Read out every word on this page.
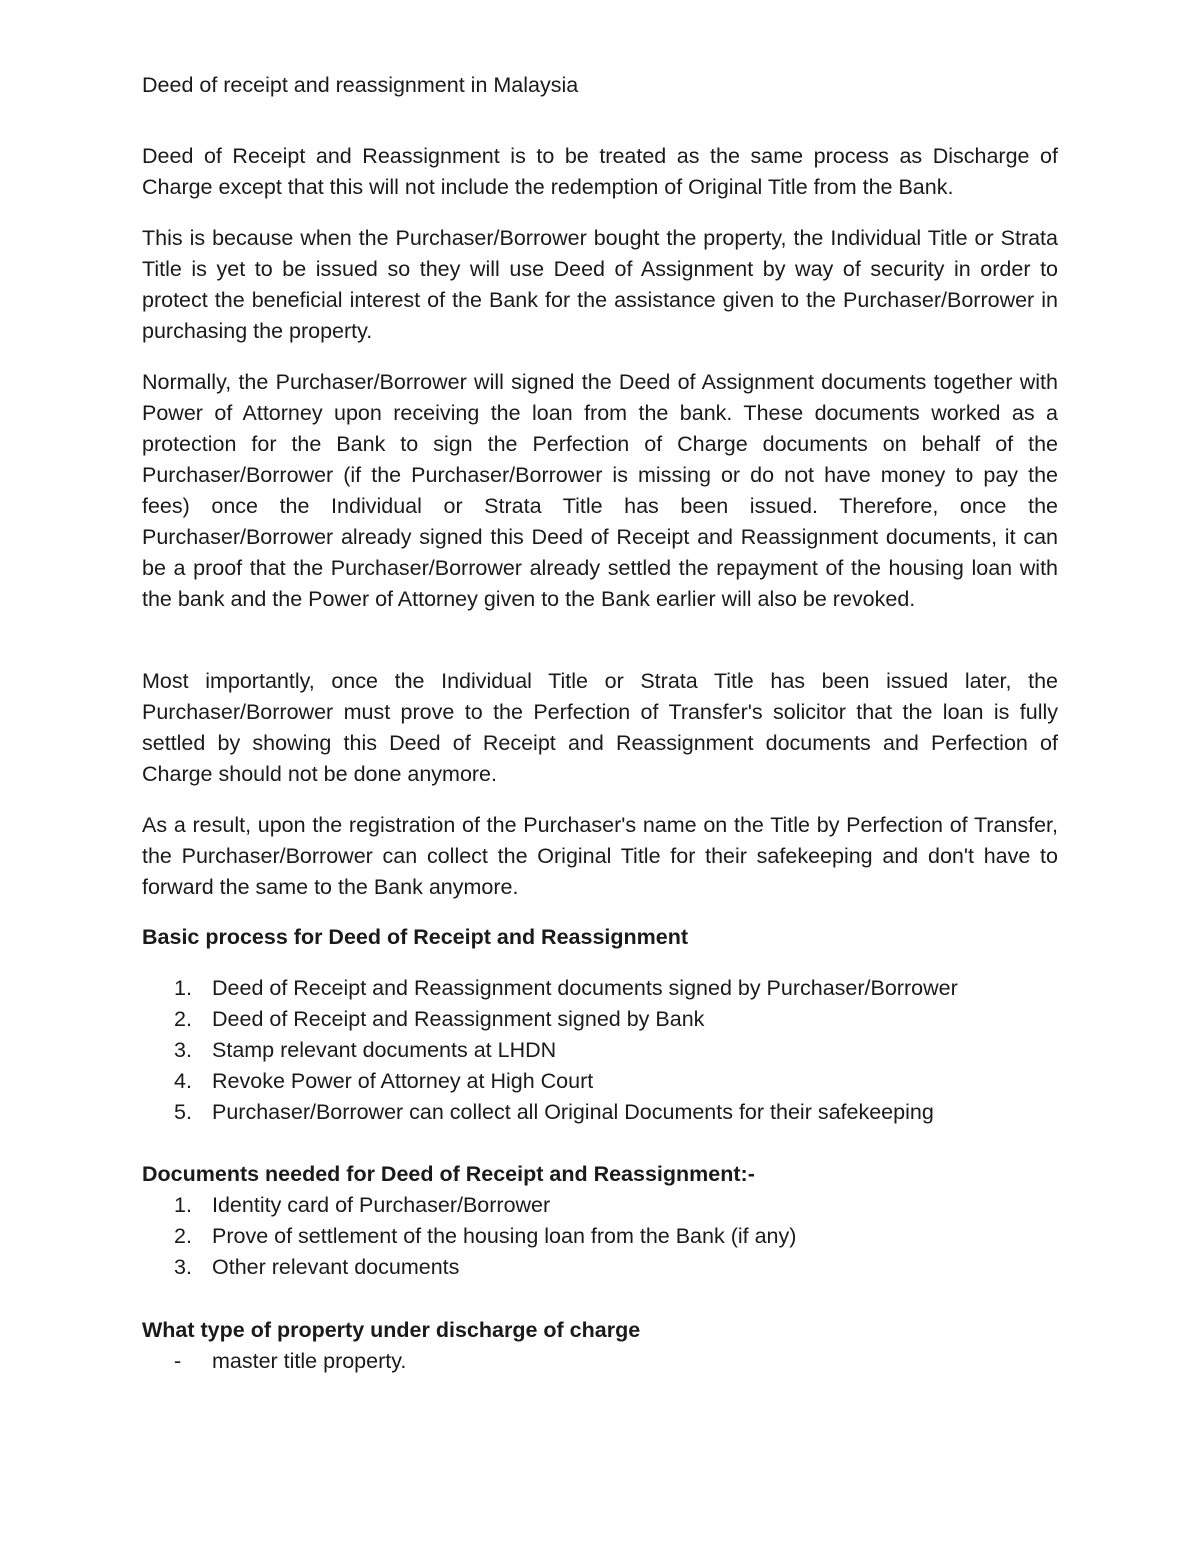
Deed of receipt and reassignment in Malaysia

Deed of Receipt and Reassignment is to be treated as the same process as Discharge of Charge except that this will not include the redemption of Original Title from the Bank.

This is because when the Purchaser/Borrower bought the property, the Individual Title or Strata Title is yet to be issued so they will use Deed of Assignment by way of security in order to protect the beneficial interest of the Bank for the assistance given to the Purchaser/Borrower in purchasing the property.

Normally, the Purchaser/Borrower will signed the Deed of Assignment documents together with Power of Attorney upon receiving the loan from the bank. These documents worked as a protection for the Bank to sign the Perfection of Charge documents on behalf of the Purchaser/Borrower (if the Purchaser/Borrower is missing or do not have money to pay the fees) once the Individual or Strata Title has been issued. Therefore, once the Purchaser/Borrower already signed this Deed of Receipt and Reassignment documents, it can be a proof that the Purchaser/Borrower already settled the repayment of the housing loan with the bank and the Power of Attorney given to the Bank earlier will also be revoked.

Most importantly, once the Individual Title or Strata Title has been issued later, the Purchaser/Borrower must prove to the Perfection of Transfer's solicitor that the loan is fully settled by showing this Deed of Receipt and Reassignment documents and Perfection of Charge should not be done anymore.

As a result, upon the registration of the Purchaser's name on the Title by Perfection of Transfer, the Purchaser/Borrower can collect the Original Title for their safekeeping and don't have to forward the same to the Bank anymore.

Basic process for Deed of Receipt and Reassignment
1. Deed of Receipt and Reassignment documents signed by Purchaser/Borrower
2. Deed of Receipt and Reassignment signed by Bank
3. Stamp relevant documents at LHDN
4. Revoke Power of Attorney at High Court
5. Purchaser/Borrower can collect all Original Documents for their safekeeping
Documents needed for Deed of Receipt and Reassignment:-
1. Identity card of Purchaser/Borrower
2. Prove of settlement of the housing loan from the Bank (if any)
3. Other relevant documents
What type of property under discharge of charge
- master title property.
